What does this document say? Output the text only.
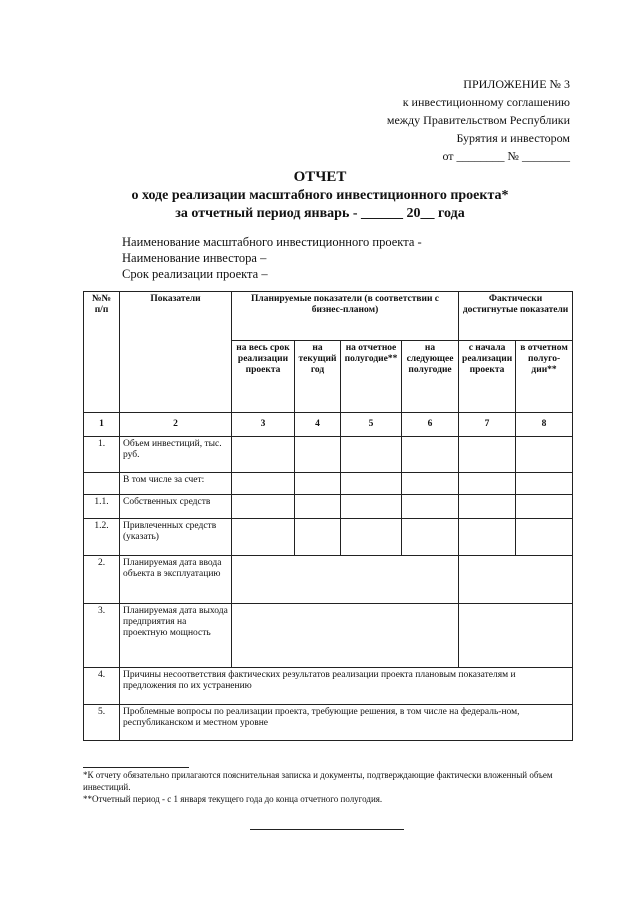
ПРИЛОЖЕНИЕ № 3
к инвестиционному соглашению
между Правительством Республики
Бурятия и инвестором
от ________ № ________
ОТЧЕТ
о ходе реализации масштабного инвестиционного проекта*
за отчетный период январь - ______ 20__ года
Наименование масштабного инвестиционного проекта -
Наименование инвестора –
Срок реализации проекта –
№№ п/п	Показатели	Планируемые показатели (в соответствии с бизнес-планом)				Фактически достигнутые показатели	
		на весь срок реализации проекта	на текущий год	на отчетное полугодие**	на следующее полугодие	с начала реализации проекта	в отчетном полуго-дии**
1	2	3	4	5	6	7	8
1.	Объем инвестиций, тыс. руб.						
	В том числе за счет:						
1.1.	Собственных средств						
1.2.	Привлеченных средств (указать)						
2.	Планируемая дата ввода объекта в эксплуатацию						
3.	Планируемая дата выхода предприятия на проектную мощность						
4.	Причины несоответствия фактических результатов реализации проекта плановым показателям и предложения по их устранению						
5.	Проблемные вопросы по реализации проекта, требующие решения, в том числе на федераль-ном, республиканском и местном уровне						
*К отчету обязательно прилагаются пояснительная записка и документы, подтверждающие фактически вложенный объем инвестиций.
**Отчетный период - с 1 января текущего года до конца отчетного полугодия.
